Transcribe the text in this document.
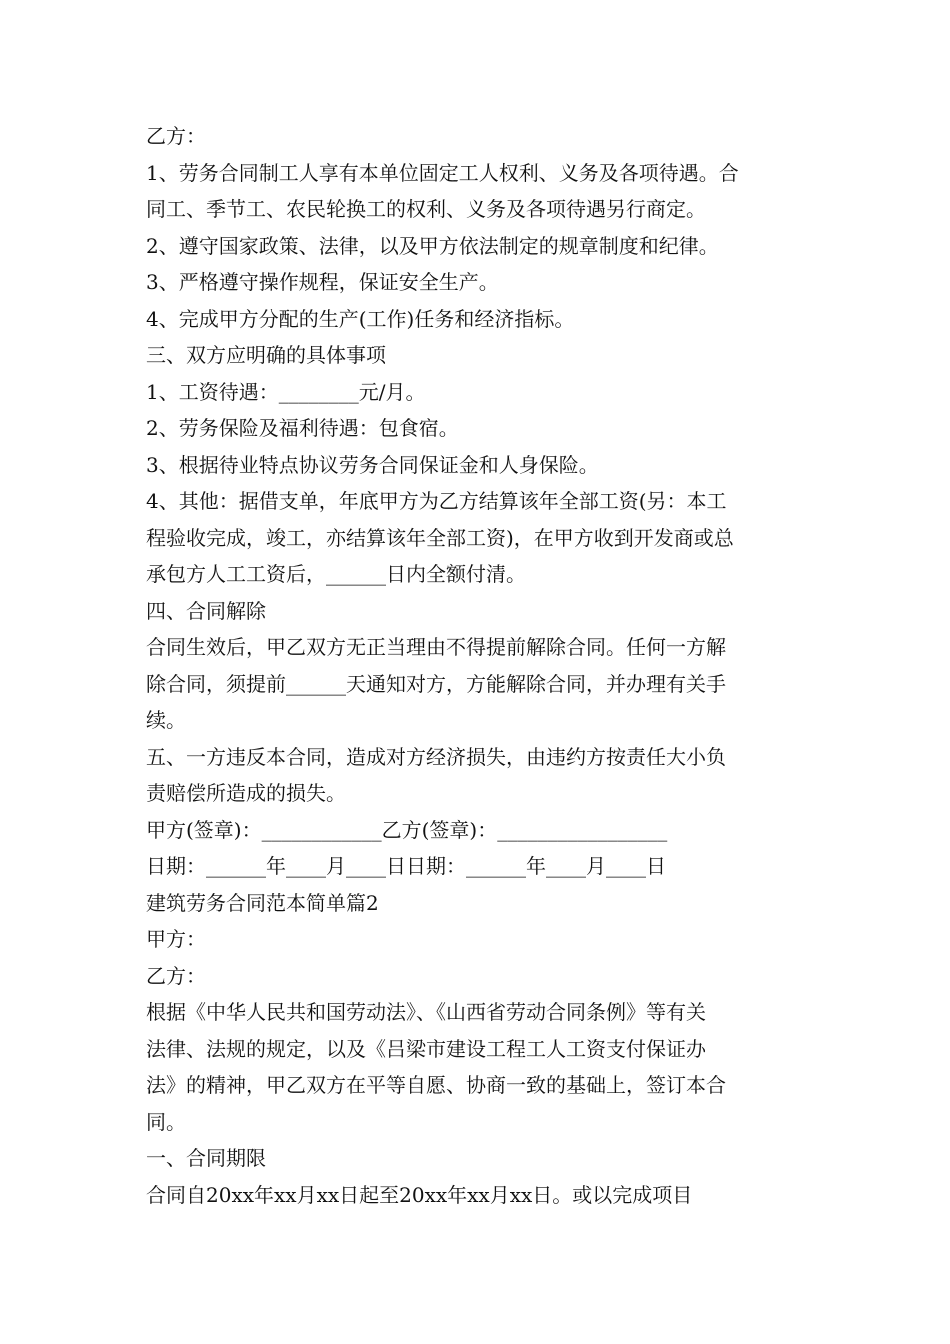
乙方：
1、劳务合同制工人享有本单位固定工人权利、义务及各项待遇。合
同工、季节工、农民轮换工的权利、义务及各项待遇另行商定。
2、遵守国家政策、法律，以及甲方依法制定的规章制度和纪律。
3、严格遵守操作规程，保证安全生产。
4、完成甲方分配的生产(工作)任务和经济指标。
三、双方应明确的具体事项
1、工资待遇：________元/月。
2、劳务保险及福利待遇：包食宿。
3、根据待业特点协议劳务合同保证金和人身保险。
4、其他：据借支单，年底甲方为乙方结算该年全部工资(另：本工
程验收完成，竣工，亦结算该年全部工资)，在甲方收到开发商或总
承包方人工工资后，______日内全额付清。
四、合同解除
合同生效后，甲乙双方无正当理由不得提前解除合同。任何一方解
除合同，须提前______天通知对方，方能解除合同，并办理有关手
续。
五、一方违反本合同，造成对方经济损失，由违约方按责任大小负
责赔偿所造成的损失。
甲方(签章)：____________乙方(签章)：_________________
日期：______年____月____日日期：______年____月____日
建筑劳务合同范本简单篇2
甲方：
乙方：
根据《中华人民共和国劳动法》、《山西省劳动合同条例》等有关
法律、法规的规定，以及《吕梁市建设工程工人工资支付保证办
法》的精神，甲乙双方在平等自愿、协商一致的基础上，签订本合
同。
一、合同期限
合同自20xx年xx月xx日起至20xx年xx月xx日。或以完成项目
